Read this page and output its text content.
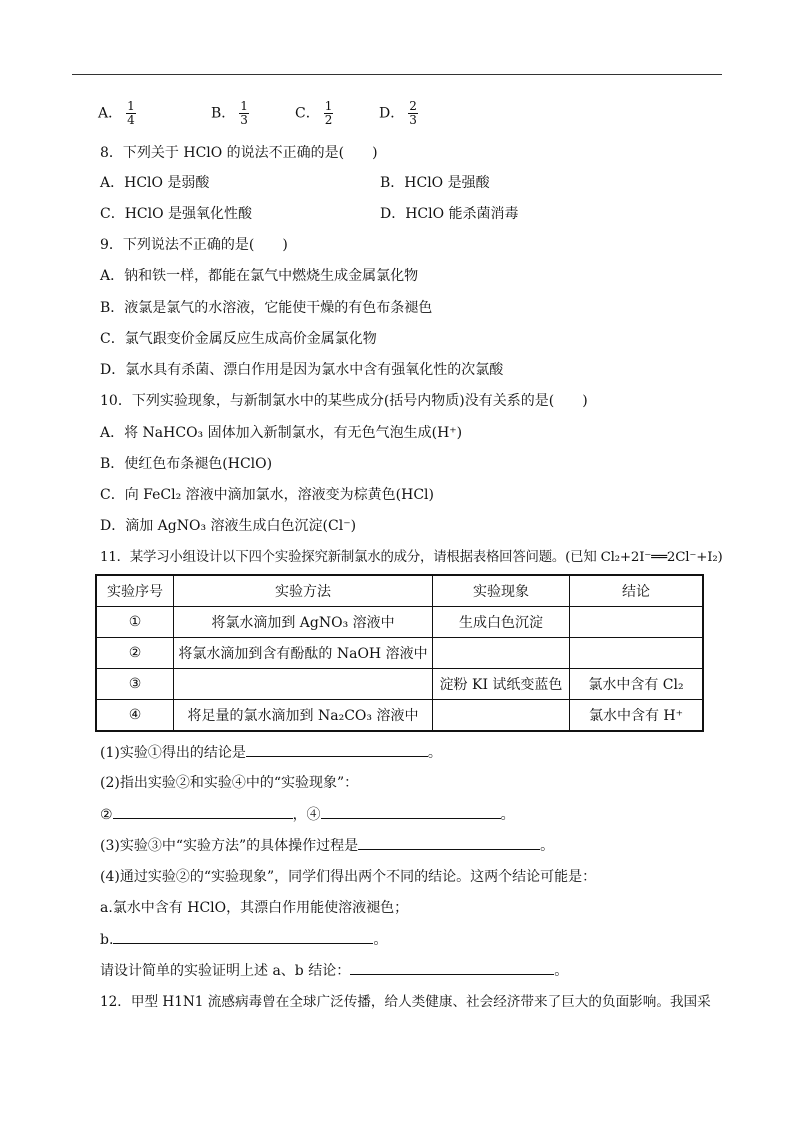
A． $\frac{1}{4}$	B． $\frac{1}{3}$	C． $\frac{1}{2}$	D． $\frac{2}{3}$
8．下列关于 HClO 的说法不正确的是(　　)
A．HClO 是弱酸	B．HClO 是强酸
C．HClO 是强氧化性酸	D．HClO 能杀菌消毒
9．下列说法不正确的是(　　)
A．钠和铁一样，都能在氯气中燃烧生成金属氯化物
B．液氯是氯气的水溶液，它能使干燥的有色布条褪色
C．氯气跟变价金属反应生成高价金属氯化物
D．氯水具有杀菌、漂白作用是因为氯水中含有强氧化性的次氯酸
10．下列实验现象，与新制氯水中的某些成分(括号内物质)没有关系的是(　　)
A．将 NaHCO₃ 固体加入新制氯水，有无色气泡生成(H⁺)
B．使红色布条褪色(HClO)
C．向 FeCl₂ 溶液中滴加氯水，溶液变为棕黄色(HCl)
D．滴加 AgNO₃ 溶液生成白色沉淀(Cl⁻)
11．某学习小组设计以下四个实验探究新制氯水的成分，请根据表格回答问题。(已知 Cl₂+2I⁻══2Cl⁻+I₂)
实验序号	实验方法	实验现象	结论
①	将氯水滴加到 AgNO₃ 溶液中	生成白色沉淀	
②	将氯水滴加到含有酚酞的 NaOH 溶液中		
③		淀粉 KI 试纸变蓝色	氯水中含有 Cl₂
④	将足量的氯水滴加到 Na₂CO₃ 溶液中		氯水中含有 H⁺
(1)实验①得出的结论是	。
(2)指出实验②和实验④中的“实验现象”：
②	，④	。
(3)实验③中“实验方法”的具体操作过程是	。
(4)通过实验②的“实验现象”，同学们得出两个不同的结论。这两个结论可能是：
a.氯水中含有 HClO，其漂白作用能使溶液褪色；
b.	。
请设计简单的实验证明上述 a、b 结论：	。
12．甲型 H1N1 流感病毒曾在全球广泛传播，给人类健康、社会经济带来了巨大的负面影响。我国采
